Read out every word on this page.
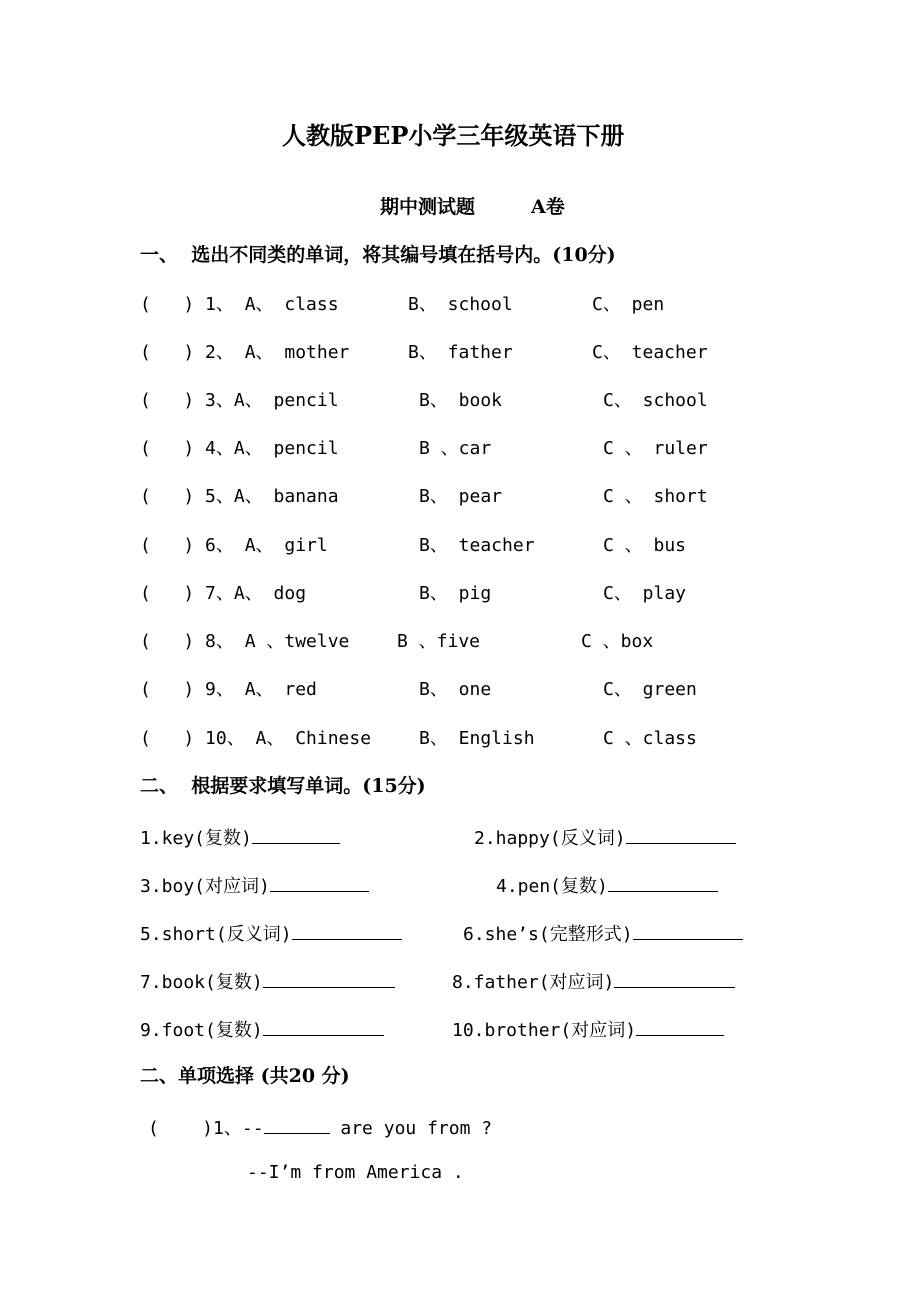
人教版PEP小学三年级英语下册
期中测试题	A卷
一、  选出不同类的单词，将其编号填在括号内。(10分)
(   ) 1、 A、 class	B、 school	C、 pen
(   ) 2、 A、 mother	B、 father	C、 teacher
(   ) 3、A、 pencil	B、 book	C、 school
(   ) 4、A、 pencil	B 、car	C 、 ruler
(   ) 5、A、 banana	B、 pear	C 、 short
(   ) 6、 A、 girl	B、 teacher	C 、 bus
(   ) 7、A、 dog	B、 pig	C、 play
(   ) 8、 A 、twelve	B 、five	C 、box
(   ) 9、 A、 red	B、 one	C、 green
(   ) 10、 A、 Chinese	B、 English	C 、class
二、  根据要求填写单词。(15分)
1.key(复数)	2.happy(反义词)
3.boy(对应词)	4.pen(复数)
5.short(反义词)	6.she’s(完整形式)
7.book(复数)	8.father(对应词)
9.foot(复数)	10.brother(对应词)
二、单项选择 (共20 分)
(    )1、--	are you from ?
--I’m from America .
